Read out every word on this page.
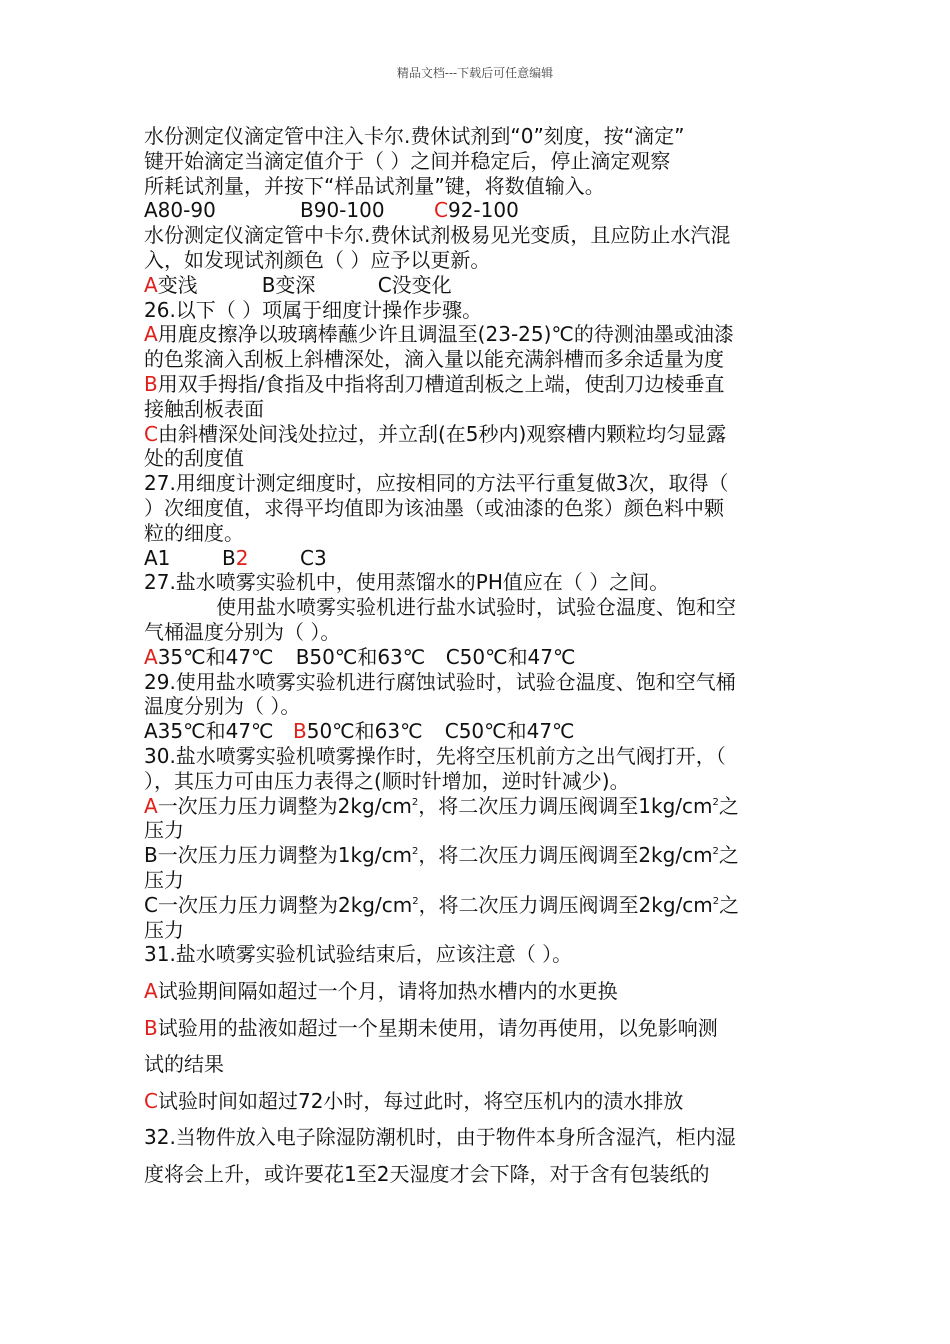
精品文档---下载后可任意编辑

水份测定仪滴定管中注入卡尔.费休试剂到“0”刻度，按“滴定”

键开始滴定当滴定值介于（ ）之间并稳定后，停止滴定观察

所耗试剂量，并按下“样品试剂量”键，将数值输入。

A80-90	B90-100 C92-100

水份测定仪滴定管中卡尔.费休试剂极易见光变质，且应防止水汽混

入，如发现试剂颜色（ ）应予以更新。

A变浅	B变深	C没变化

26.以下（ ）项属于细度计操作步骤。

A用鹿皮擦净以玻璃棒蘸少许且调温至(23-25)℃的待测油墨或油漆

的色浆滴入刮板上斜槽深处，滴入量以能充满斜槽而多余适量为度

B用双手拇指/食指及中指将刮刀槽道刮板之上端，使刮刀边棱垂直

接触刮板表面

C由斜槽深处间浅处拉过，并立刮(在5秒内)观察槽内颗粒均匀显露

处的刮度值

27.用细度计测定细度时，应按相同的方法平行重复做3次，取得（

）次细度值，求得平均值即为该油墨（或油漆的色浆）颜色料中颗

粒的细度。

A1	B2	C3

27.盐水喷雾实验机中，使用蒸馏水的PH值应在（ ）之间。

使用盐水喷雾实验机进行盐水试验时，试验仓温度、饱和空

气桶温度分别为（ ）。

A35℃和47℃ B50℃和63℃ C50℃和47℃

29.使用盐水喷雾实验机进行腐蚀试验时，试验仓温度、饱和空气桶

温度分别为（ ）。

A35℃和47℃ B50℃和63℃ C50℃和47℃

30.盐水喷雾实验机喷雾操作时，先将空压机前方之出气阀打开，（

），其压力可由压力表得之(顺时针增加，逆时针减少)。

A一次压力压力调整为$2kg/cm^2$，将二次压力调压阀调至$1kg/cm^2$之

压力

B一次压力压力调整为$1kg/cm^2$，将二次压力调压阀调至$2kg/cm^2$之

压力

C一次压力压力调整为$2kg/cm^2$，将二次压力调压阀调至$2kg/cm^2$之

压力

31.盐水喷雾实验机试验结束后，应该注意（ ）。

A试验期间隔如超过一个月，请将加热水槽内的水更换

B试验用的盐液如超过一个星期未使用，请勿再使用，以免影响测

试的结果

C试验时间如超过72小时，每过此时，将空压机内的渍水排放

32.当物件放入电子除湿防潮机时，由于物件本身所含湿汽，柜内湿

度将会上升，或许要花1至2天湿度才会下降，对于含有包装纸的
